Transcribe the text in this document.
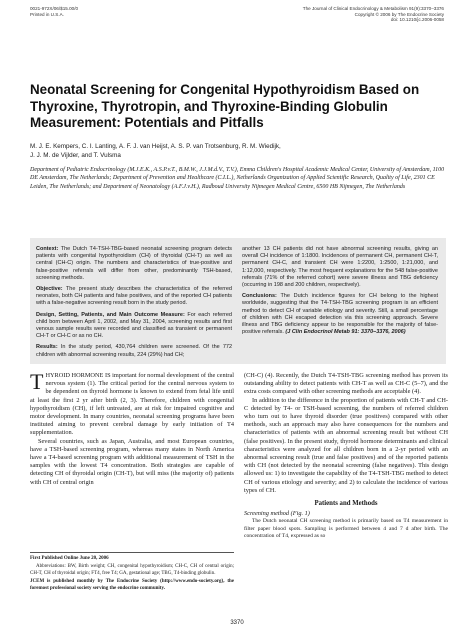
0021-972X/06/$15.00/0
Printed in U.S.A.
The Journal of Clinical Endocrinology & Metabolism 91(9):3370–3376
Copyright © 2006 by The Endocrine Society
doi: 10.1210/jc.2006-0058
Neonatal Screening for Congenital Hypothyroidism Based on Thyroxine, Thyrotropin, and Thyroxine-Binding Globulin Measurement: Potentials and Pitfalls
M. J. E. Kempers, C. I. Lanting, A. F. J. van Heijst, A. S. P. van Trotsenburg, R. M. Wiedijk,
J. J. M. de Vijlder, and T. Vulsma
Department of Pediatric Endocrinology (M.J.E.K., A.S.P.v.T., B.M.W., J.J.M.d.V., T.V.), Emma Children's Hospital Academic Medical Center, University of Amsterdam, 1100 DE Amsterdam, The Netherlands; Department of Prevention and Healthcare (C.I.L.), Netherlands Organization of Applied Scientific Research, Quality of Life, 2301 CE Leiden, The Netherlands; and Department of Neonatology (A.F.J.v.H.), Radboud University Nijmegen Medical Centre, 6500 HB Nijmegen, The Netherlands

Context: The Dutch T4-TSH-TBG-based neonatal screening program detects patients with congenital hypothyroidism (CH) of thyroidal (CH-T) as well as central (CH-C) origin. The numbers and characteristics of true-positive and false-positive referrals will differ from other, predominantly TSH-based, screening methods.

Objective: The present study describes the characteristics of the referred neonates, both CH patients and false positives, and of the reported CH patients with a false-negative screening result born in the study period.

Design, Setting, Patients, and Main Outcome Measure: For each referred child born between April 1, 2002, and May 31, 2004, screening results and first venous sample results were recorded and classified as transient or permanent CH-T or CH-C or as no CH.

Results: In the study period, 430,764 children were screened. Of the 772 children with abnormal screening results, 224 (29%) had CH;

another 13 CH patients did not have abnormal screening results, giving an overall CH incidence of 1:1800. Incidences of permanent CH, permanent CH-T, permanent CH-C, and transient CH were 1:2200, 1:2500, 1:21,000, and 1:12,000, respectively. The most frequent explanations for the 548 false-positive referrals (71% of the referred cohort) were severe illness and TBG deficiency (occurring in 198 and 200 children, respectively).

Conclusions: The Dutch incidence figures for CH belong to the highest worldwide, suggesting that the T4-TSH-TBG screening program is an efficient method to detect CH of variable etiology and severity. Still, a small percentage of children with CH escaped detection via this screening approach. Severe illness and TBG deficiency appear to be responsible for the majority of false-positive referrals. (J Clin Endocrinol Metab 91: 3370–3376, 2006)

THYROID HORMONE IS important for normal development of the central nervous system (1). The critical period for the central nervous system to be dependent on thyroid hormone is known to extend from fetal life until at least the first 2 yr after birth (2, 3). Therefore, children with congenital hypothyroidism (CH), if left untreated, are at risk for impaired cognitive and motor development. In many countries, neonatal screening programs have been instituted aiming to prevent cerebral damage by early initiation of T4 supplementation.

Several countries, such as Japan, Australia, and most European countries, have a TSH-based screening program, whereas many states in North America have a T4-based screening program with additional measurement of TSH in the samples with the lowest T4 concentration. Both strategies are capable of detecting CH of thyroidal origin (CH-T), but will miss (the majority of) patients with CH of central origin

(CH-C) (4). Recently, the Dutch T4-TSH-TBG screening method has proven its outstanding ability to detect patients with CH-T as well as CH-C (5–7), and the extra costs compared with other screening methods are acceptable (4).

In addition to the difference in the proportion of patients with CH-T and CH-C detected by T4- or TSH-based screening, the numbers of referred children who turn out to have thyroid disorder (true positives) compared with other methods, such an approach may also have consequences for the numbers and characteristics of patients with an abnormal screening result but without CH (false positives). In the present study, thyroid hormone determinants and clinical characteristics were analyzed for all children born in a 2-yr period with an abnormal screening result (true and false positives) and of the reported patients with CH (not detected by the neonatal screening (false negatives). This design allowed us: 1) to investigate the capability of the T4-TSH-TBG method to detect CH of various etiology and severity; and 2) to calculate the incidence of various types of CH.

Patients and Methods

Screening method (Fig. 1)

The Dutch neonatal CH screening method is primarily based on T4 measurement in filter paper blood spots. Sampling is performed between 4 and 7 d after birth. The concentration of T4, expressed as so

First Published Online June 20, 2006

Abbreviations: BW, Birth weight; CH, congenital hypothyroidism; CH-C, CH of central origin; CH-T, CH of thyroidal origin; FT4, free T4; GA, gestational age; TBG, T4-binding globulin.

JCEM is published monthly by The Endocrine Society (http://www.endo-society.org), the foremost professional society serving the endocrine community.

3370
